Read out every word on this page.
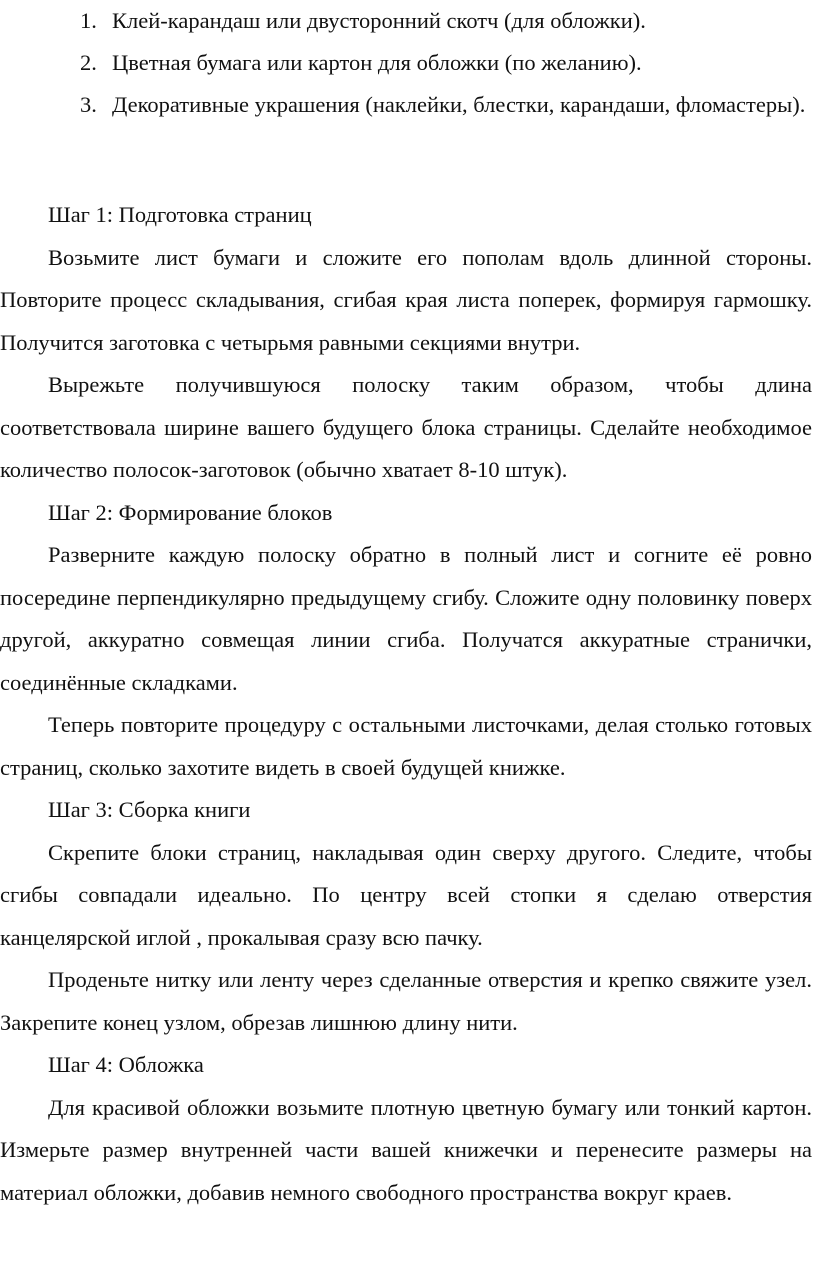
1. Клей-карандаш или двусторонний скотч (для обложки).
2. Цветная бумага или картон для обложки (по желанию).
3. Декоративные украшения (наклейки, блестки, карандаши, фломастеры).

Шаг 1: Подготовка страниц

Возьмите лист бумаги и сложите его пополам вдоль длинной стороны. Повторите процесс складывания, сгибая края листа поперек, формируя гармошку. Получится заготовка с четырьмя равными секциями внутри.

Вырежьте получившуюся полоску таким образом, чтобы длина соответствовала ширине вашего будущего блока страницы. Сделайте необходимое количество полосок-заготовок (обычно хватает 8-10 штук).

Шаг 2: Формирование блоков

Разверните каждую полоску обратно в полный лист и согните её ровно посередине перпендикулярно предыдущему сгибу. Сложите одну половинку поверх другой, аккуратно совмещая линии сгиба. Получатся аккуратные странички, соединённые складками.

Теперь повторите процедуру с остальными листочками, делая столько готовых страниц, сколько захотите видеть в своей будущей книжке.

Шаг 3: Сборка книги

Скрепите блоки страниц, накладывая один сверху другого. Следите, чтобы сгибы совпадали идеально. По центру всей стопки я сделаю отверстия канцелярской иглой , прокалывая сразу всю пачку.

Проденьте нитку или ленту через сделанные отверстия и крепко свяжите узел. Закрепите конец узлом, обрезав лишнюю длину нити.

Шаг 4: Обложка

Для красивой обложки возьмите плотную цветную бумагу или тонкий картон. Измерьте размер внутренней части вашей книжечки и перенесите размеры на материал обложки, добавив немного свободного пространства вокруг краев.
